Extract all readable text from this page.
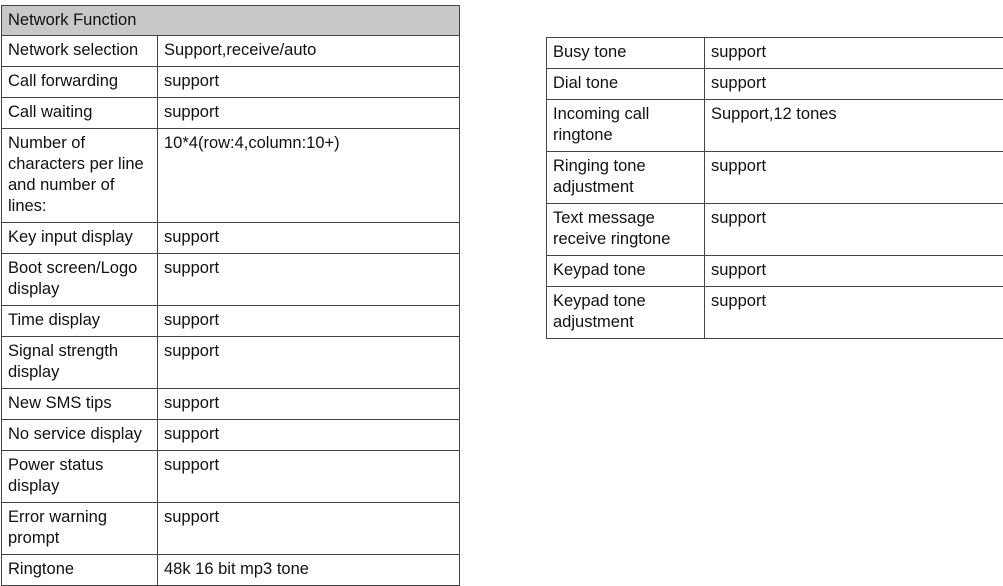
Network Function	
Network selection	Support,receive/auto
Call forwarding	support
Call waiting	support
Number of characters per line and number of lines:	10*4(row:4,column:10+)
Key input display	support
Boot screen/Logo display	support
Time display	support
Signal strength display	support
New SMS tips	support
No service display	support
Power status display	support
Error warning prompt	support
Ringtone	48k 16 bit mp3 tone
Busy tone	support
Dial tone	support
Incoming call ringtone	Support,12 tones
Ringing tone adjustment	support
Text message receive ringtone	support
Keypad tone	support
Keypad tone adjustment	support
